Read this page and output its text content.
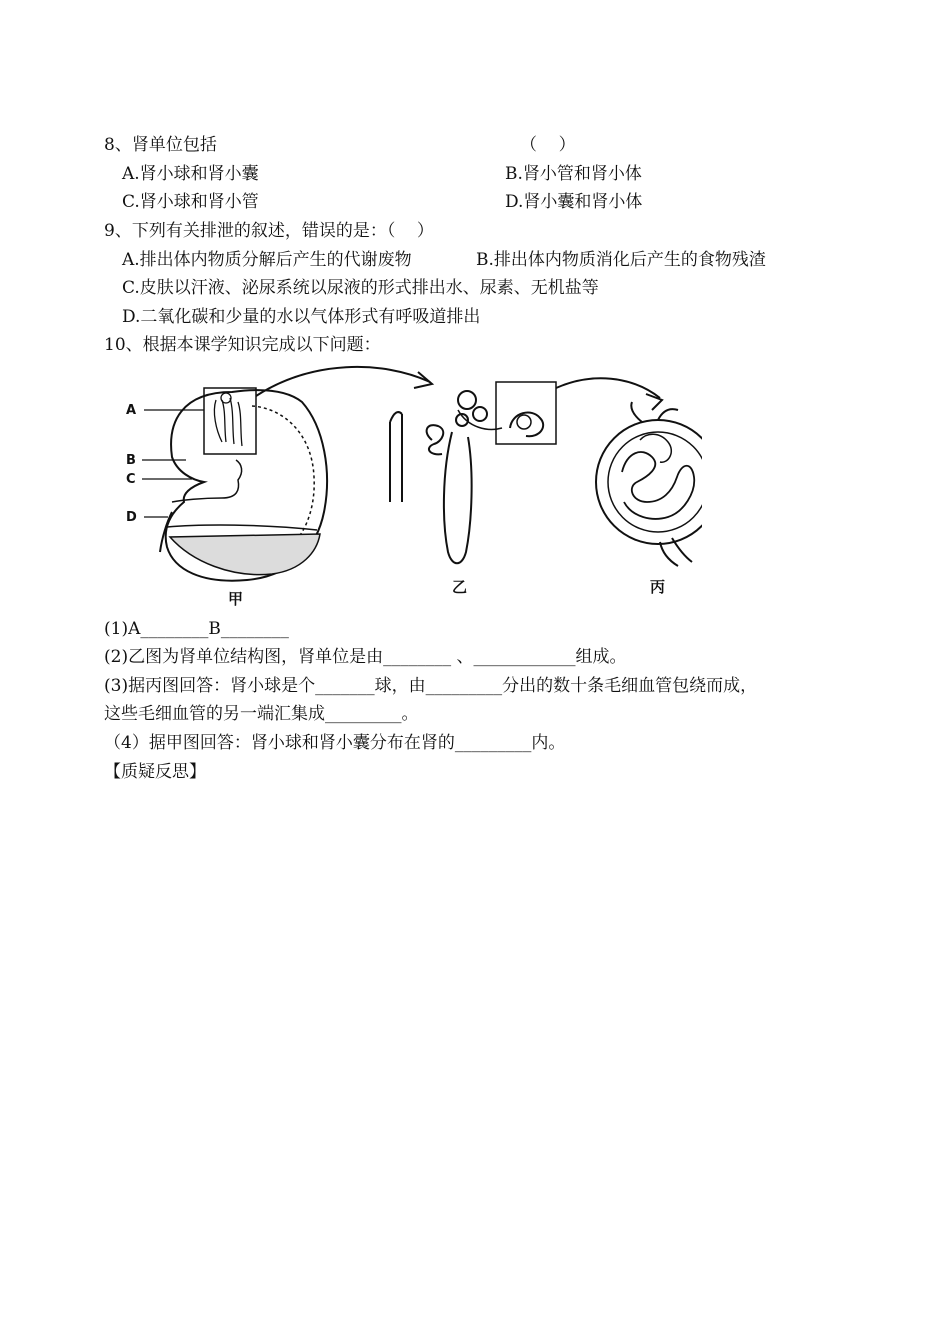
8、肾单位包括	（    ）
A.肾小球和肾小囊	B.肾小管和肾小体
C.肾小球和肾小管	D.肾小囊和肾小体
9、下列有关排泄的叙述，错误的是：（    ）
A.排出体内物质分解后产生的代谢废物	B.排出体内物质消化后产生的食物残渣
C.皮肤以汗液、泌尿系统以尿液的形式排出水、尿素、无机盐等
D.二氧化碳和少量的水以气体形式有呼吸道排出
10、根据本课学知识完成以下问题：
A
B
C
D
甲
乙	丙
(1)A________B________
(2)乙图为肾单位结构图，肾单位是由________ 、____________组成。
(3)据丙图回答：肾小球是个_______球，由_________分出的数十条毛细血管包绕而成，
这些毛细血管的另一端汇集成_________。
（4）据甲图回答：肾小球和肾小囊分布在肾的_________内。
【质疑反思】
